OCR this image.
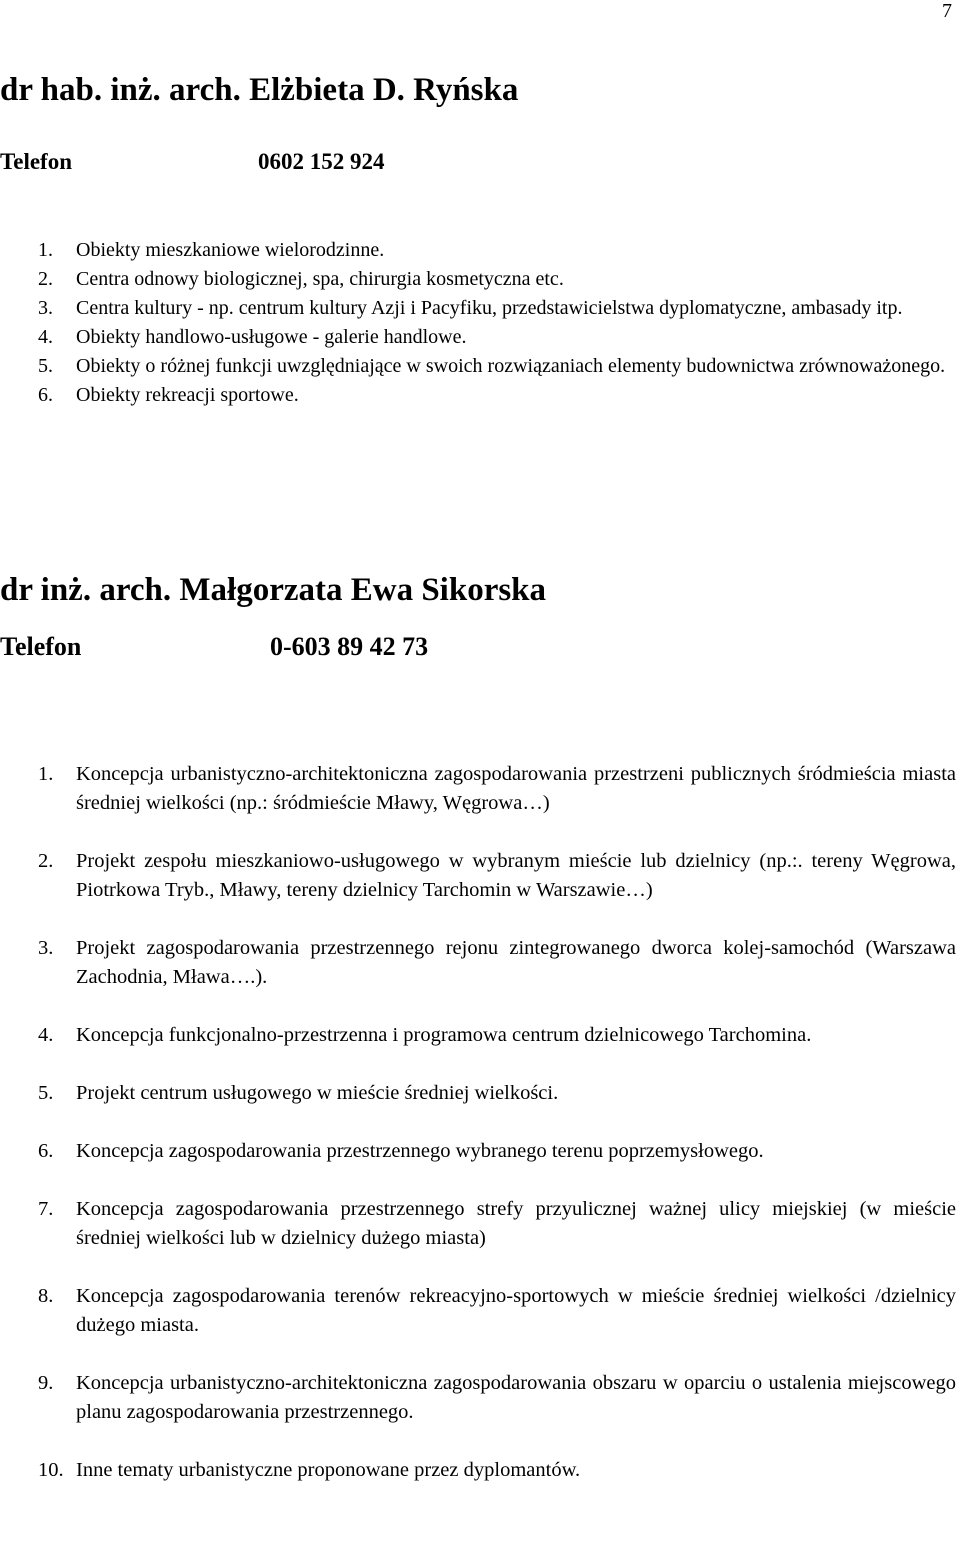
7
dr hab. inż. arch. Elżbieta D. Ryńska
Telefon	0602 152 924
1. Obiekty mieszkaniowe wielorodzinne.
2. Centra odnowy biologicznej, spa, chirurgia kosmetyczna etc.
3. Centra kultury - np. centrum kultury Azji i Pacyfiku, przedstawicielstwa dyplomatyczne, ambasady itp.
4. Obiekty handlowo-usługowe - galerie handlowe.
5. Obiekty o różnej funkcji uwzględniające w swoich rozwiązaniach elementy budownictwa zrównoważonego.
6. Obiekty rekreacji sportowe.
dr inż. arch. Małgorzata Ewa Sikorska
Telefon	0-603 89 42 73
1. Koncepcja urbanistyczno-architektoniczna zagospodarowania przestrzeni publicznych śródmieścia miasta średniej wielkości (np.: śródmieście Mławy, Węgrowa…)
2. Projekt zespołu mieszkaniowo-usługowego w wybranym mieście lub dzielnicy (np.:. tereny Węgrowa, Piotrkowa Tryb., Mławy, tereny dzielnicy Tarchomin w Warszawie…)
3. Projekt zagospodarowania przestrzennego rejonu zintegrowanego dworca kolej-samochód (Warszawa Zachodnia, Mława….).
4. Koncepcja funkcjonalno-przestrzenna i programowa centrum dzielnicowego Tarchomina.
5. Projekt centrum usługowego w mieście średniej wielkości.
6. Koncepcja zagospodarowania przestrzennego wybranego terenu poprzemysłowego.
7. Koncepcja zagospodarowania przestrzennego strefy przyulicznej ważnej ulicy miejskiej (w mieście średniej wielkości lub w dzielnicy dużego miasta)
8. Koncepcja zagospodarowania terenów rekreacyjno-sportowych w mieście średniej wielkości /dzielnicy dużego miasta.
9. Koncepcja urbanistyczno-architektoniczna zagospodarowania obszaru w oparciu o ustalenia miejscowego planu zagospodarowania przestrzennego.
10. Inne tematy urbanistyczne proponowane przez dyplomantów.
